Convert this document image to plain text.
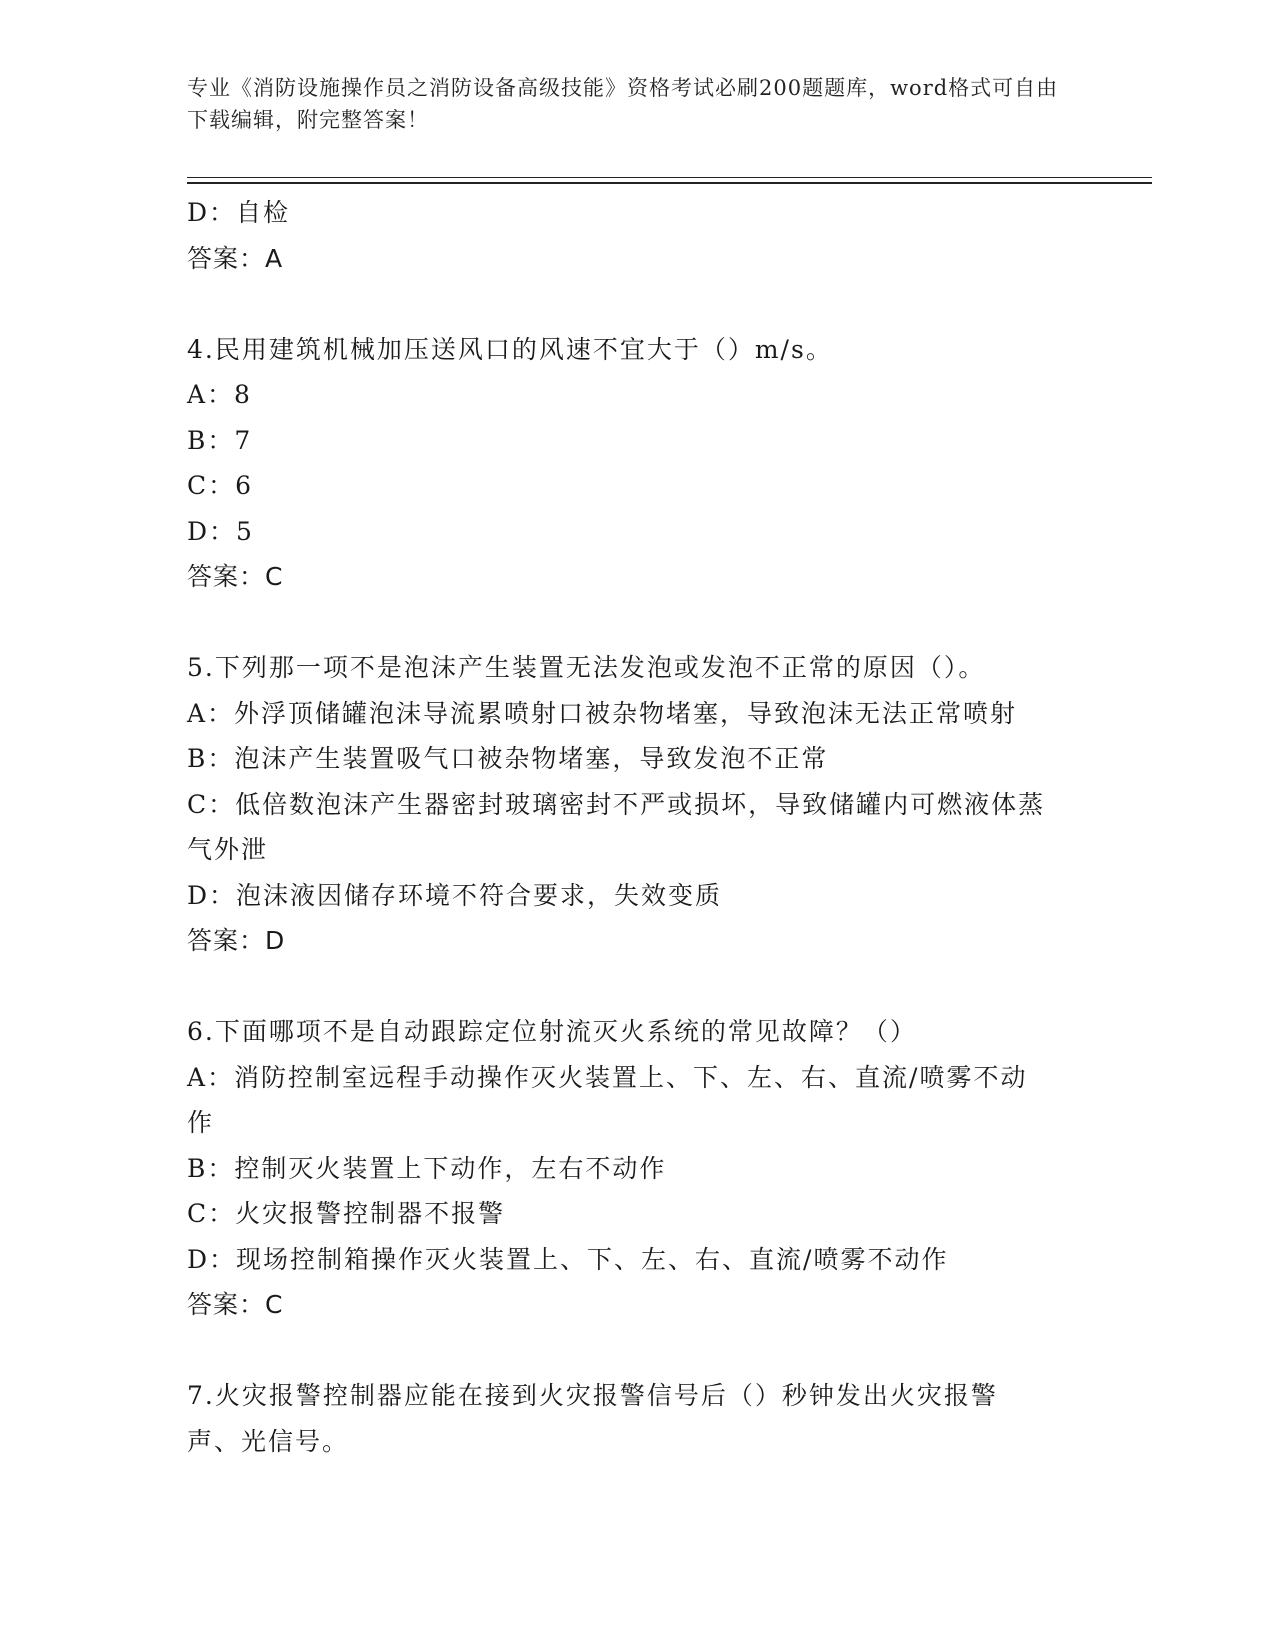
专业《消防设施操作员之消防设备高级技能》资格考试必刷200题题库，word格式可自由下载编辑，附完整答案！
D：自检
答案：A
4.民用建筑机械加压送风口的风速不宜大于（）m/s。
A：8
B：7
C：6
D：5
答案：C
5.下列那一项不是泡沫产生装置无法发泡或发泡不正常的原因（）。
A：外浮顶储罐泡沫导流累喷射口被杂物堵塞，导致泡沫无法正常喷射
B：泡沫产生装置吸气口被杂物堵塞，导致发泡不正常
C：低倍数泡沫产生器密封玻璃密封不严或损坏，导致储罐内可燃液体蒸气外泄
D：泡沫液因储存环境不符合要求，失效变质
答案：D
6.下面哪项不是自动跟踪定位射流灭火系统的常见故障？（）
A：消防控制室远程手动操作灭火装置上、下、左、右、直流/喷雾不动作
B：控制灭火装置上下动作，左右不动作
C：火灾报警控制器不报警
D：现场控制箱操作灭火装置上、下、左、右、直流/喷雾不动作
答案：C
7.火灾报警控制器应能在接到火灾报警信号后（）秒钟发出火灾报警声、光信号。
